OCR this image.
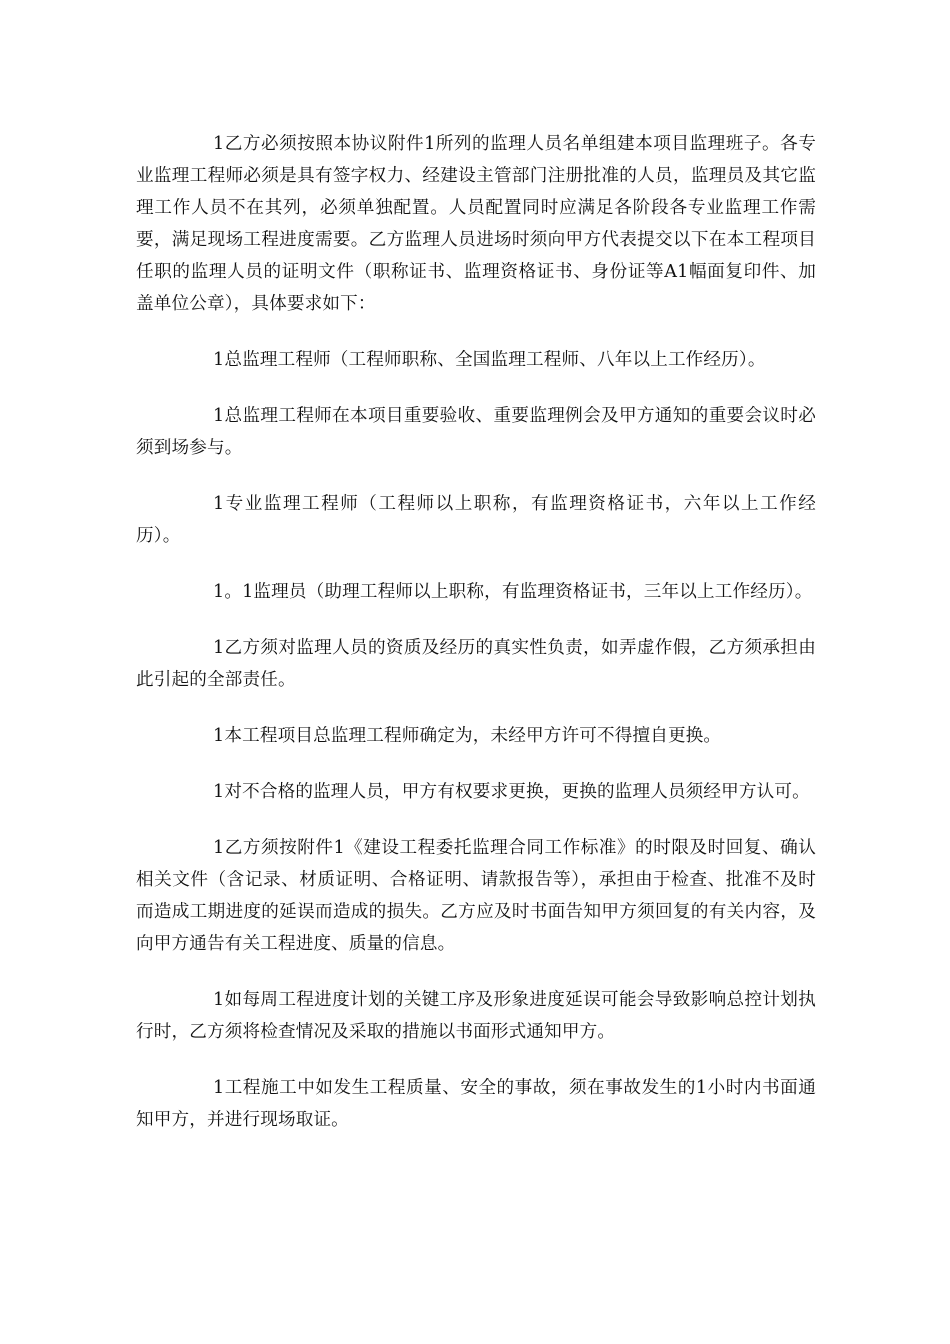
1乙方必须按照本协议附件1所列的监理人员名单组建本项目监理班子。各专业监理工程师必须是具有签字权力、经建设主管部门注册批准的人员，监理员及其它监理工作人员不在其列，必须单独配置。人员配置同时应满足各阶段各专业监理工作需要，满足现场工程进度需要。乙方监理人员进场时须向甲方代表提交以下在本工程项目任职的监理人员的证明文件（职称证书、监理资格证书、身份证等A1幅面复印件、加盖单位公章），具体要求如下：

1总监理工程师（工程师职称、全国监理工程师、八年以上工作经历）。

1总监理工程师在本项目重要验收、重要监理例会及甲方通知的重要会议时必须到场参与。

1专业监理工程师（工程师以上职称，有监理资格证书，六年以上工作经历）。

1。1监理员（助理工程师以上职称，有监理资格证书，三年以上工作经历）。

1乙方须对监理人员的资质及经历的真实性负责，如弄虚作假，乙方须承担由此引起的全部责任。

1本工程项目总监理工程师确定为，未经甲方许可不得擅自更换。

1对不合格的监理人员，甲方有权要求更换，更换的监理人员须经甲方认可。

1乙方须按附件1《建设工程委托监理合同工作标准》的时限及时回复、确认相关文件（含记录、材质证明、合格证明、请款报告等），承担由于检查、批准不及时而造成工期进度的延误而造成的损失。乙方应及时书面告知甲方须回复的有关内容，及向甲方通告有关工程进度、质量的信息。

1如每周工程进度计划的关键工序及形象进度延误可能会导致影响总控计划执行时，乙方须将检查情况及采取的措施以书面形式通知甲方。

1工程施工中如发生工程质量、安全的事故，须在事故发生的1小时内书面通知甲方，并进行现场取证。
